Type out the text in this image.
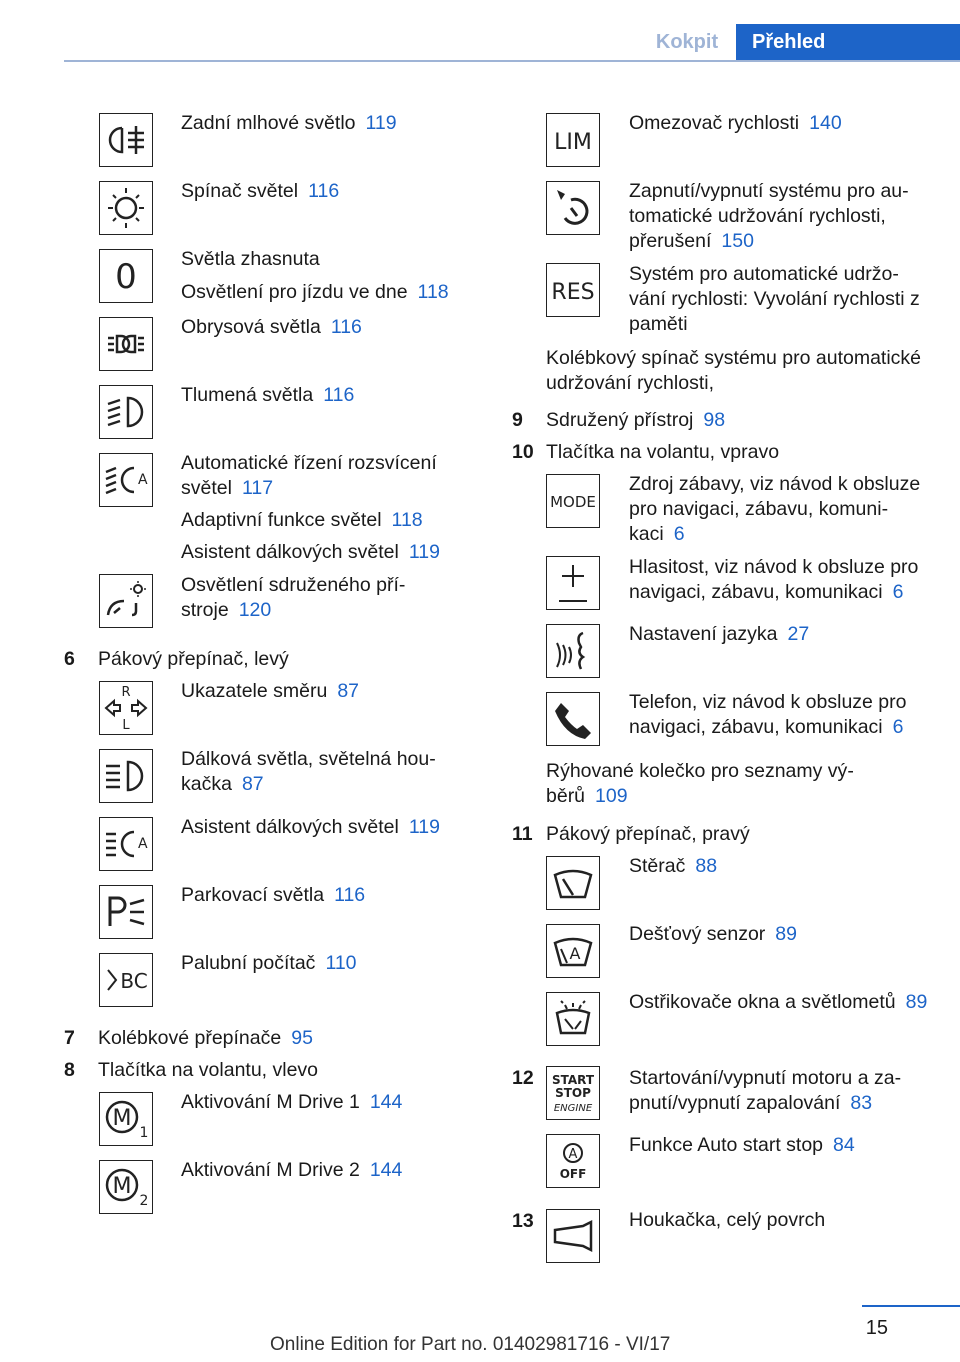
Kokpit	Přehled
Zadní mlhové světlo 119
Spínač světel 116
0 Světla zhasnuta
Osvětlení pro jízdu ve dne 118
Obrysová světla 116
Tlumená světla 116
A
Automatické řízení rozsvícení světel 117
Adaptivní funkce světel 118
Asistent dálkových světel 119
Osvětlení sdruženého přístroje 120
6 Pákový přepínač, levý
R
L
Ukazatele směru 87
Dálková světla, světelná houkačka 87
A
Asistent dálkových světel 119
Parkovací světla 116
BC
Palubní počítač 110
7 Kolébkové přepínače 95
8 Tlačítka na volantu, vlevo
M
1
Aktivování M Drive 1 144
M
2
Aktivování M Drive 2 144
LIM
Omezovač rychlosti 140
Zapnutí/vypnutí systému pro automatické udržování rychlosti, přerušení 150
RES
Systém pro automatické udržování rychlosti: Vyvolání rychlosti z paměti
Kolébkový spínač systému pro automatické udržování rychlosti,
9 Sdružený přístroj 98
10 Tlačítka na volantu, vpravo
MODE
Zdroj zábavy, viz návod k obsluze pro navigaci, zábavu, komunikaci 6
Hlasitost, viz návod k obsluze pro navigaci, zábavu, komunikaci 6
Nastavení jazyka 27
Telefon, viz návod k obsluze pro navigaci, zábavu, komunikaci 6
Rýhované kolečko pro seznamy výběrů 109
11 Pákový přepínač, pravý
Stěrač 88
A
Dešťový senzor 89
Ostřikovače okna a světlometů 89
12 START
STOP
ENGINE
Startování/vypnutí motoru a zapnutí/vypnutí zapalování 83
A
OFF
Funkce Auto start stop 84
13	Houkačka, celý povrch
15
Online Edition for Part no. 01402981716 - VI/17
